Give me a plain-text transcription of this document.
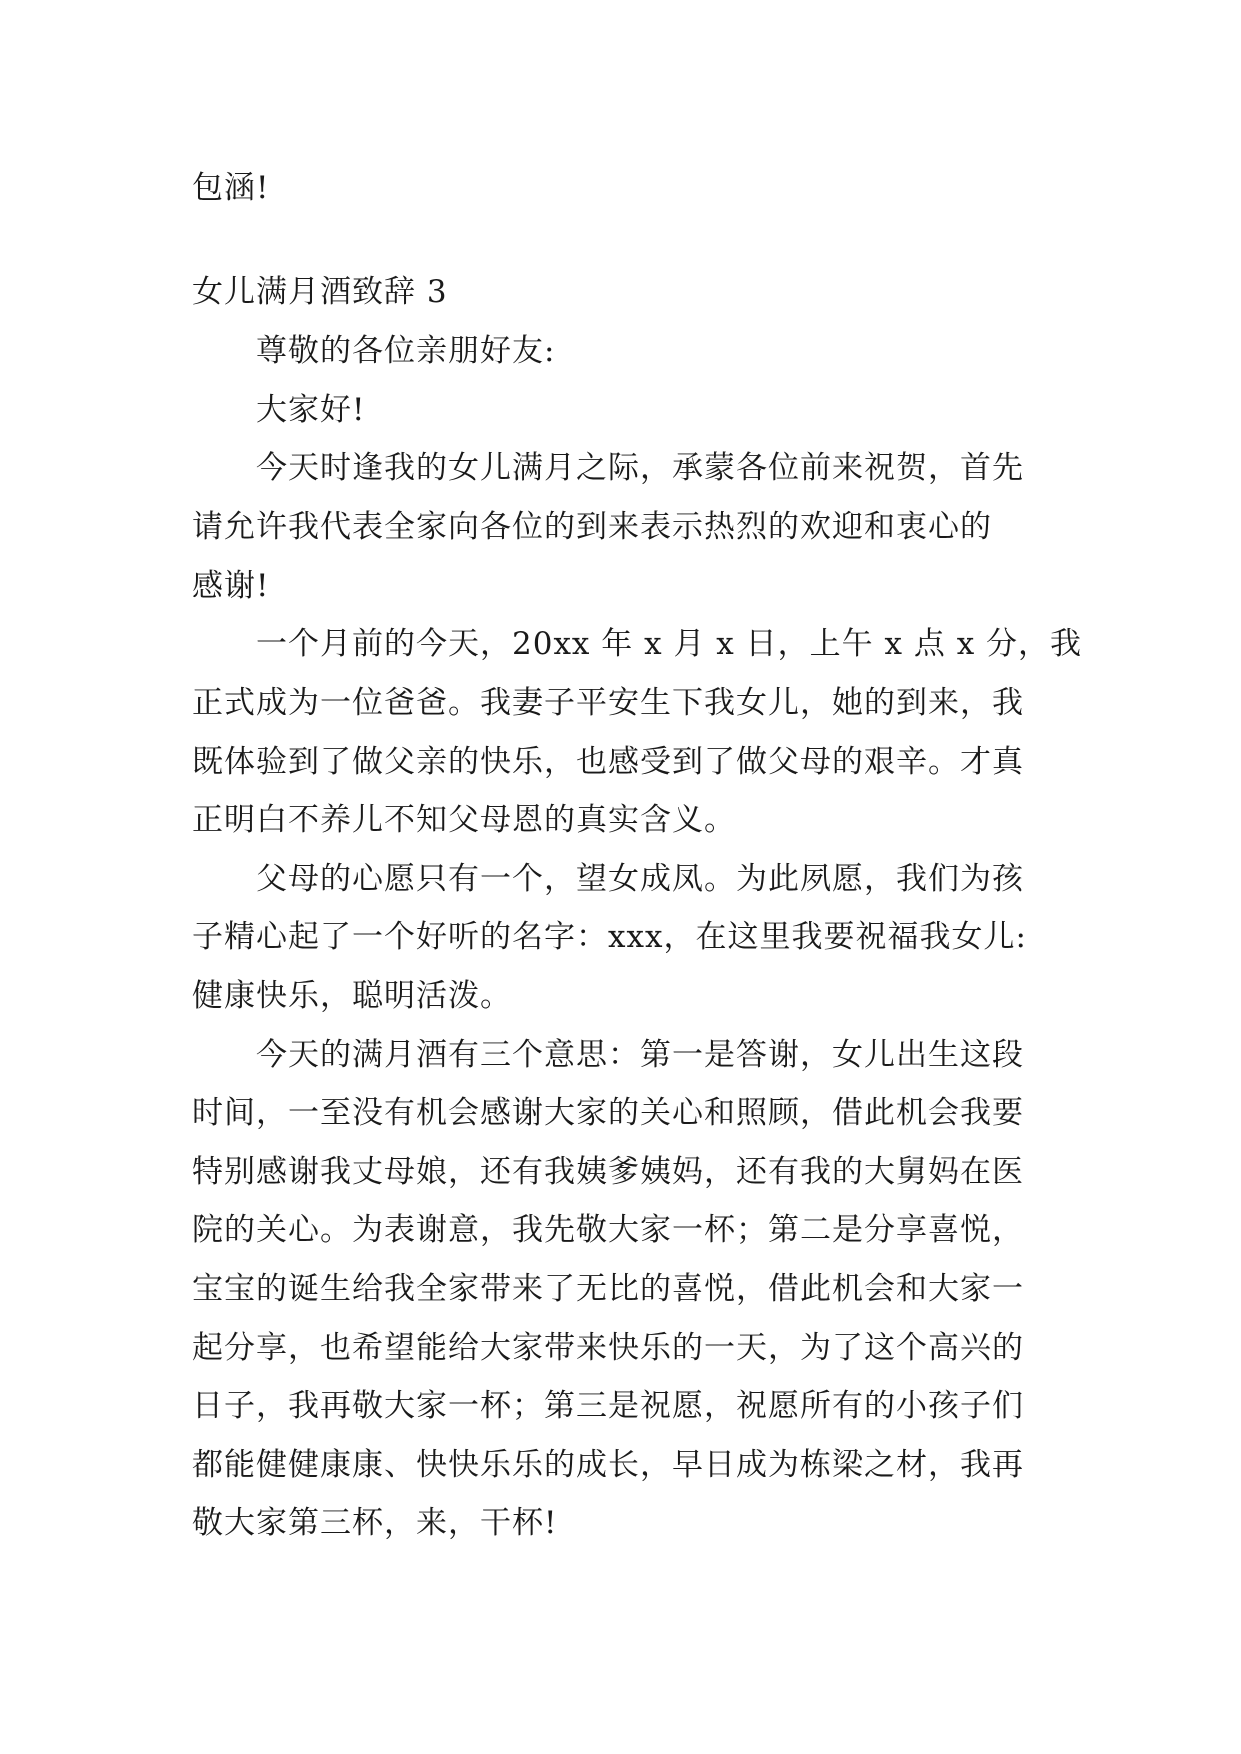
包涵!
女儿满月酒致辞 3
尊敬的各位亲朋好友:
大家好!
今天时逢我的女儿满月之际，承蒙各位前来祝贺，首先
请允许我代表全家向各位的到来表示热烈的欢迎和衷心的
感谢!
一个月前的今天，20xx 年 x 月 x 日，上午 x 点 x 分，我
正式成为一位爸爸。我妻子平安生下我女儿，她的到来，我
既体验到了做父亲的快乐，也感受到了做父母的艰辛。才真
正明白不养儿不知父母恩的真实含义。
父母的心愿只有一个，望女成凤。为此夙愿，我们为孩
子精心起了一个好听的名字：xxx，在这里我要祝福我女儿:
健康快乐，聪明活泼。
今天的满月酒有三个意思：第一是答谢，女儿出生这段
时间，一至没有机会感谢大家的关心和照顾，借此机会我要
特别感谢我丈母娘，还有我姨爹姨妈，还有我的大舅妈在医
院的关心。为表谢意，我先敬大家一杯；第二是分享喜悦，
宝宝的诞生给我全家带来了无比的喜悦，借此机会和大家一
起分享，也希望能给大家带来快乐的一天，为了这个高兴的
日子，我再敬大家一杯；第三是祝愿，祝愿所有的小孩子们
都能健健康康、快快乐乐的成长，早日成为栋梁之材，我再
敬大家第三杯，来，干杯!
